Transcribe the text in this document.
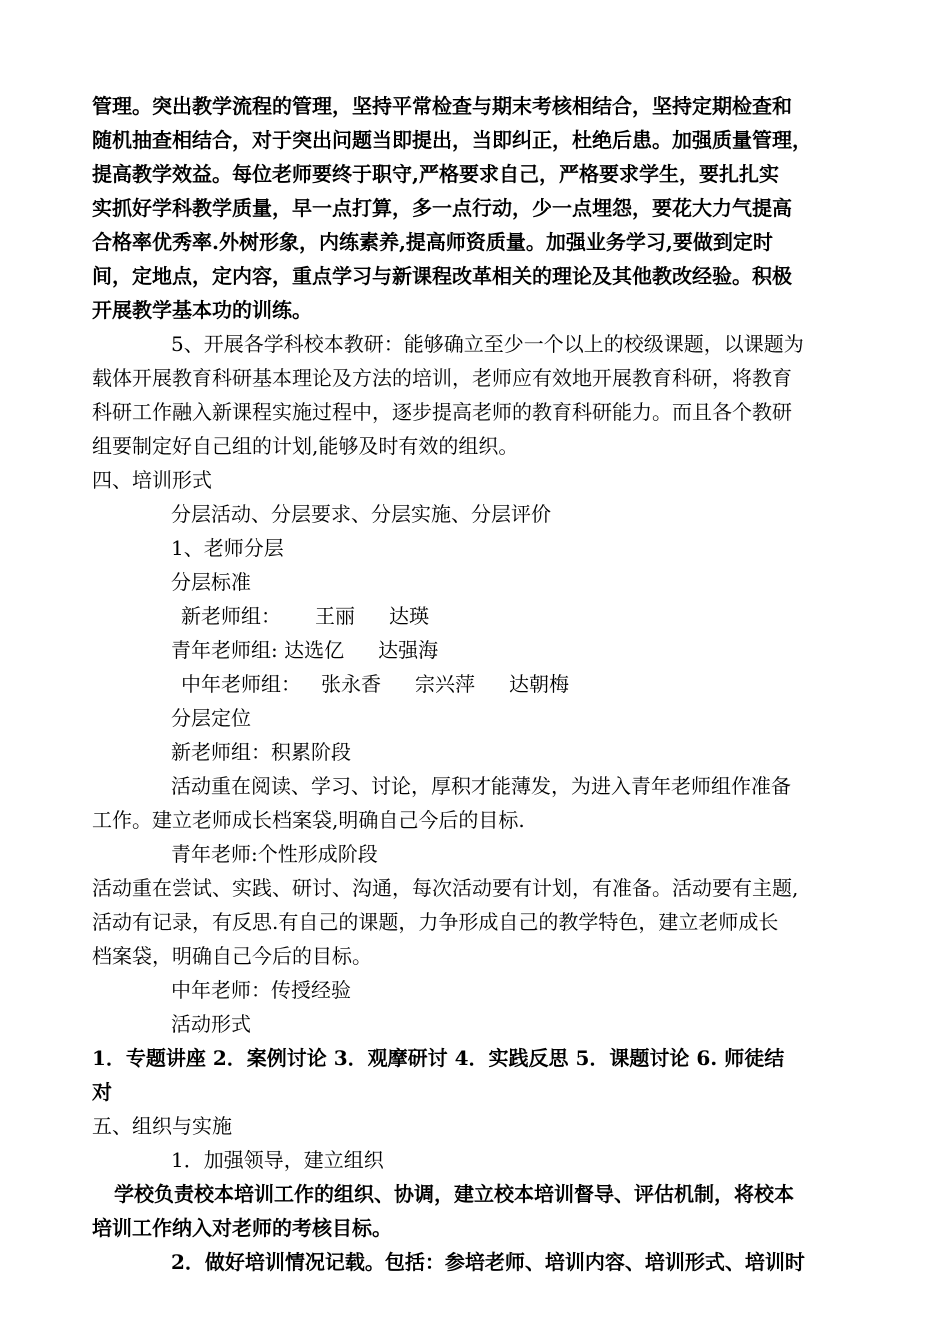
管理。突出教学流程的管理，坚持平常检查与期末考核相结合，坚持定期检查和
随机抽查相结合，对于突出问题当即提出，当即纠正，杜绝后患。加强质量管理，
提高教学效益。每位老师要终于职守,严格要求自己，严格要求学生，要扎扎实
实抓好学科教学质量，早一点打算，多一点行动，少一点埋怨，要花大力气提高
合格率优秀率.外树形象，内练素养,提高师资质量。加强业务学习,要做到定时
间，定地点，定内容，重点学习与新课程改革相关的理论及其他教改经验。积极
开展教学基本功的训练。
5、开展各学科校本教研：能够确立至少一个以上的校级课题，以课题为
载体开展教育科研基本理论及方法的培训，老师应有效地开展教育科研，将教育
科研工作融入新课程实施过程中，逐步提高老师的教育科研能力。而且各个教研
组要制定好自己组的计划,能够及时有效的组织。
四、培训形式
分层活动、分层要求、分层实施、分层评价
1、老师分层
分层标准
新老师组： 王丽 达瑛
青年老师组: 达选亿 达强海
中年老师组： 张永香 宗兴萍 达朝梅
分层定位
新老师组：积累阶段
活动重在阅读、学习、讨论，厚积才能薄发，为进入青年老师组作准备
工作。建立老师成长档案袋,明确自己今后的目标.
青年老师:个性形成阶段
活动重在尝试、实践、研讨、沟通，每次活动要有计划，有准备。活动要有主题,
活动有记录，有反思.有自己的课题，力争形成自己的教学特色，建立老师成长
档案袋，明确自己今后的目标。
中年老师：传授经验
活动形式
1．专题讲座 2．案例讨论 3．观摩研讨 4．实践反思 5．课题讨论 6. 师徒结
对
五、组织与实施
1．加强领导，建立组织
学校负责校本培训工作的组织、协调，建立校本培训督导、评估机制，将校本
培训工作纳入对老师的考核目标。
2．做好培训情况记载。包括：参培老师、培训内容、培训形式、培训时
